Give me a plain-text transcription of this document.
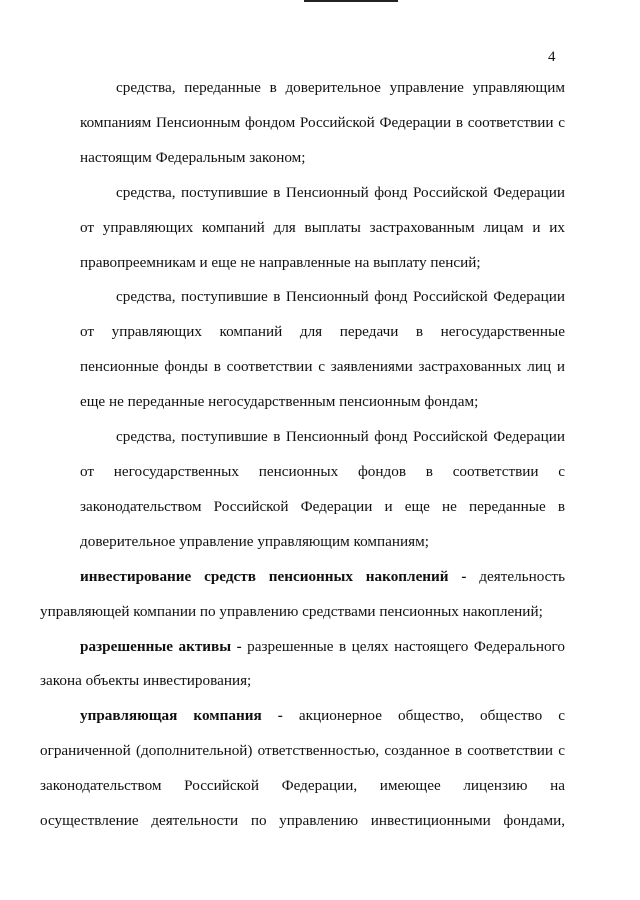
4
средства, переданные в доверительное управление управляющим
компаниям Пенсионным фондом Российской Федерации в соответствии с
настоящим Федеральным законом;
средства, поступившие в Пенсионный фонд Российской Федерации
от управляющих компаний для выплаты застрахованным лицам и их
правопреемникам и еще не направленные на выплату пенсий;
средства, поступившие в Пенсионный фонд Российской Федерации
от управляющих компаний для передачи в негосударственные
пенсионные фонды в соответствии с заявлениями застрахованных лиц и
еще не переданные негосударственным пенсионным фондам;
средства, поступившие в Пенсионный фонд Российской Федерации
от негосударственных пенсионных фондов в соответствии с
законодательством Российской Федерации и еще не переданные в
доверительное управление управляющим компаниям;
инвестирование средств пенсионных накоплений - деятельность
управляющей компании по управлению средствами пенсионных накоплений;
разрешенные активы - разрешенные в целях настоящего Федерального
закона объекты инвестирования;
управляющая компания - акционерное общество, общество с
ограниченной (дополнительной) ответственностью, созданное в соответствии с
законодательством Российской Федерации, имеющее лицензию на
осуществление деятельности по управлению инвестиционными фондами,
